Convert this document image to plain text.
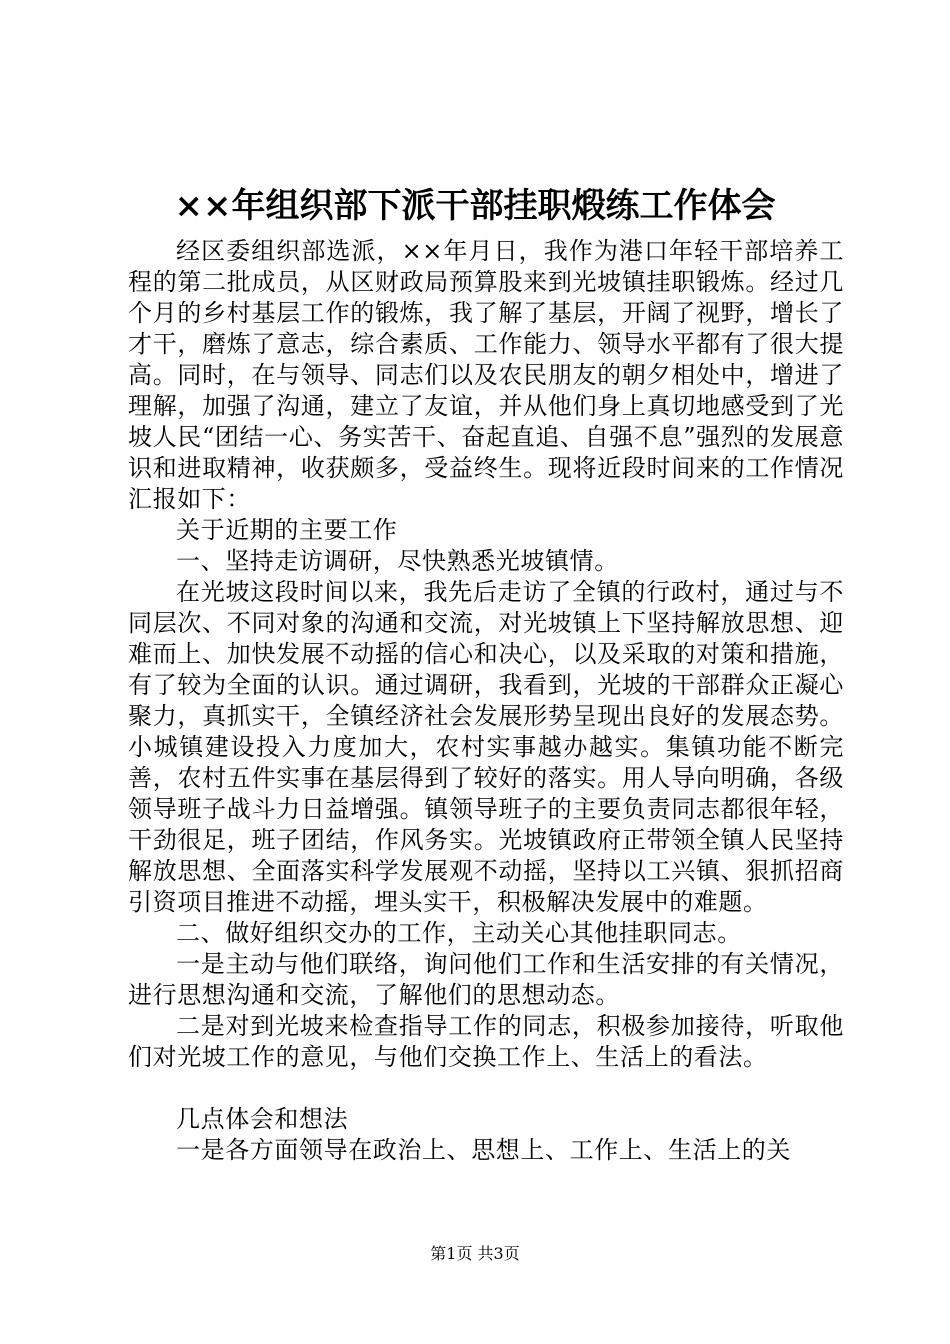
××年组织部下派干部挂职煅练工作体会

经区委组织部选派，××年月日，我作为港口年轻干部培养工程的第二批成员，从区财政局预算股来到光坡镇挂职锻炼。经过几个月的乡村基层工作的锻炼，我了解了基层，开阔了视野，增长了才干，磨炼了意志，综合素质、工作能力、领导水平都有了很大提高。同时，在与领导、同志们以及农民朋友的朝夕相处中，增进了理解，加强了沟通，建立了友谊，并从他们身上真切地感受到了光坡人民“团结一心、务实苦干、奋起直追、自强不息”强烈的发展意识和进取精神，收获颇多，受益终生。现将近段时间来的工作情况汇报如下：

关于近期的主要工作

一、坚持走访调研，尽快熟悉光坡镇情。

在光坡这段时间以来，我先后走访了全镇的行政村，通过与不同层次、不同对象的沟通和交流，对光坡镇上下坚持解放思想、迎难而上、加快发展不动摇的信心和决心，以及采取的对策和措施，有了较为全面的认识。通过调研，我看到，光坡的干部群众正凝心聚力，真抓实干，全镇经济社会发展形势呈现出良好的发展态势。小城镇建设投入力度加大，农村实事越办越实。集镇功能不断完善，农村五件实事在基层得到了较好的落实。用人导向明确，各级领导班子战斗力日益增强。镇领导班子的主要负责同志都很年轻，干劲很足，班子团结，作风务实。光坡镇政府正带领全镇人民坚持解放思想、全面落实科学发展观不动摇，坚持以工兴镇、狠抓招商引资项目推进不动摇，埋头实干，积极解决发展中的难题。

二、做好组织交办的工作，主动关心其他挂职同志。

一是主动与他们联络，询问他们工作和生活安排的有关情况，进行思想沟通和交流，了解他们的思想动态。

二是对到光坡来检查指导工作的同志，积极参加接待，听取他们对光坡工作的意见，与他们交换工作上、生活上的看法。

几点体会和想法

一是各方面领导在政治上、思想上、工作上、生活上的关

第1页 共3页
